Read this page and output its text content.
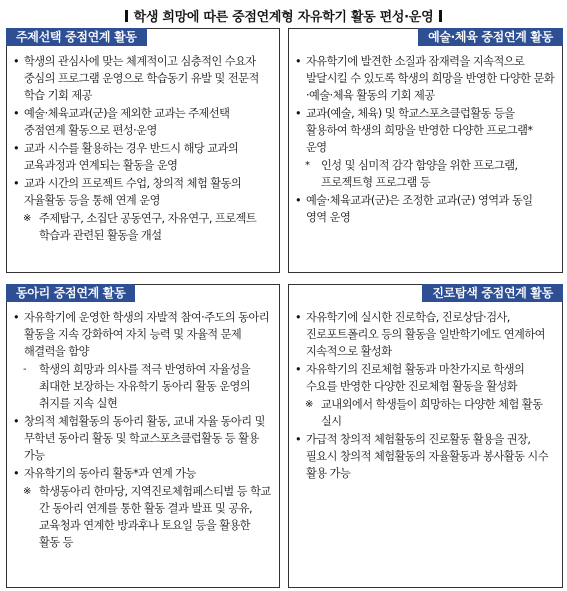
학생 희망에 따른 중점연계형 자유학기 활동 편성·운영
주제선택 중점연계 활동
• 학생의 관심사에 맞는 체계적이고 심층적인 수요자 중심의 프로그램 운영으로 학습동기 유발 및 전문적 학습 기회 제공
• 예술·체육교과(군)을 제외한 교과는 주제선택 중점연계 활동으로 편성·운영
• 교과 시수를 활용하는 경우 반드시 해당 교과의 교육과정과 연계되는 활동을 운영
• 교과 시간의 프로젝트 수업, 창의적 체험 활동의 자율활동 등을 통해 연계 운영
※ 주제탐구, 소집단 공동연구, 자유연구, 프로젝트 학습과 관련된 활동을 개설
예술·체육 중점연계 활동
• 자유학기에 발견한 소질과 잠재력을 지속적으로 발달시킬 수 있도록 학생의 희망을 반영한 다양한 문화·예술·체육 활동의 기회 제공
• 교과(예술, 체육) 및 학교스포츠클럽활동 등을 활용하여 학생의 희망을 반영한 다양한 프로그램* 운영
*	인성 및 심미적 감각 함양을 위한 프로그램, 프로젝트형 프로그램 등
• 예술·체육교과(군)은 조정한 교과(군) 영역과 동일 영역 운영
동아리 중점연계 활동
• 자유학기에 운영한 학생의 자발적 참여·주도의 동아리 활동을 지속 강화하여 자치 능력 및 자율적 문제 해결력을 함양
-	학생의 희망과 의사를 적극 반영하여 자율성을 최대한 보장하는 자유학기 동아리 활동 운영의 취지를 지속 실현
• 창의적 체험활동의 동아리 활동, 교내 자율 동아리 및 무학년 동아리 활동 및 학교스포츠클럽활동 등 활용 가능
• 자유학기의 동아리 활동*과 연계 가능
※ 학생동아리 한마당, 지역진로체험페스티벌 등 학교 간 동아리 연계를 통한 활동 결과 발표 및 공유, 교육청과 연계한 방과후나 토요일 등을 활용한 활동 등
진로탐색 중점연계 활동
• 자유학기에 실시한 진로학습, 진로상담·검사, 진로포트폴리오 등의 활동을 일반학기에도 연계하여 지속적으로 활성화
• 자유학기의 진로체험 활동과 마찬가지로 학생의 수요를 반영한 다양한 진로체험 활동을 활성화
※ 교내외에서 학생들이 희망하는 다양한 체험 활동 실시
• 가급적 창의적 체험활동의 진로활동 활용을 권장, 필요시 창의적 체험활동의 자율활동과 봉사활동 시수 활용 가능
